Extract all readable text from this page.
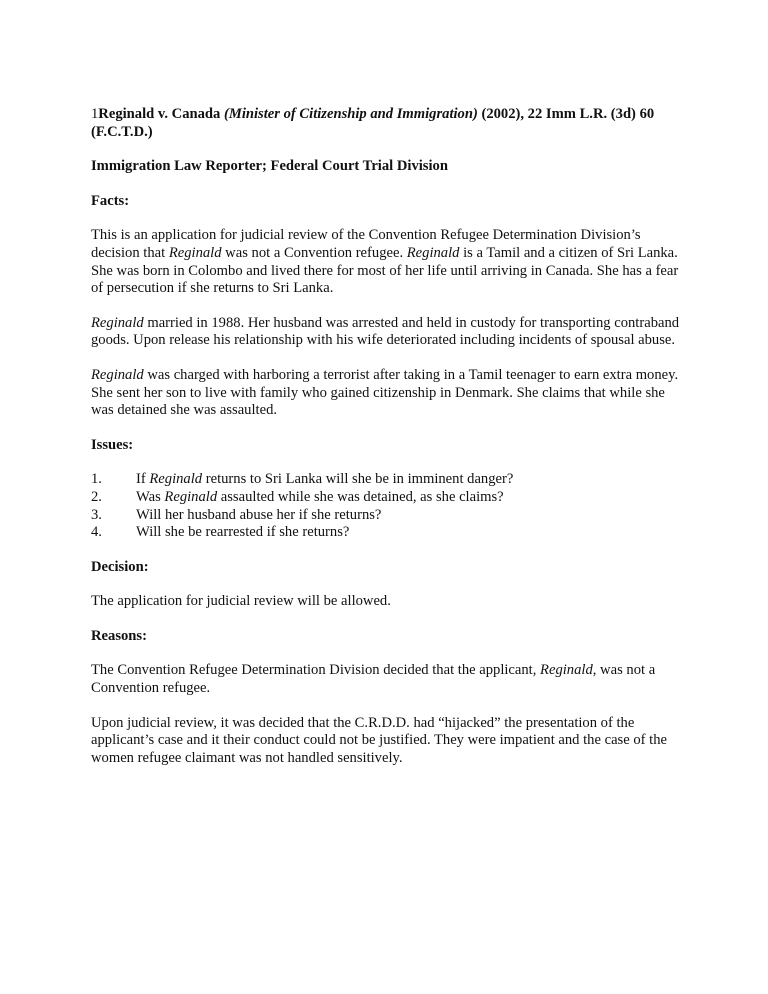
1Reginald v. Canada (Minister of Citizenship and Immigration) (2002), 22 Imm L.R. (3d) 60 (F.C.T.D.)

Immigration Law Reporter; Federal Court Trial Division

Facts:

This is an application for judicial review of the Convention Refugee Determination Division’s decision that Reginald was not a Convention refugee. Reginald is a Tamil and a citizen of Sri Lanka. She was born in Colombo and lived there for most of her life until arriving in Canada. She has a fear of persecution if she returns to Sri Lanka.

Reginald married in 1988. Her husband was arrested and held in custody for transporting contraband goods. Upon release his relationship with his wife deteriorated including incidents of spousal abuse.

Reginald was charged with harboring a terrorist after taking in a Tamil teenager to earn extra money. She sent her son to live with family who gained citizenship in Denmark. She claims that while she was detained she was assaulted.

Issues:

1.	If Reginald returns to Sri Lanka will she be in imminent danger?
2.	Was Reginald assaulted while she was detained, as she claims?
3.	Will her husband abuse her if she returns?
4.	Will she be rearrested if she returns?

Decision:

The application for judicial review will be allowed.

Reasons:

The Convention Refugee Determination Division decided that the applicant, Reginald, was not a Convention refugee.

Upon judicial review, it was decided that the C.R.D.D. had “hijacked” the presentation of the applicant’s case and it their conduct could not be justified. They were impatient and the case of the women refugee claimant was not handled sensitively.
